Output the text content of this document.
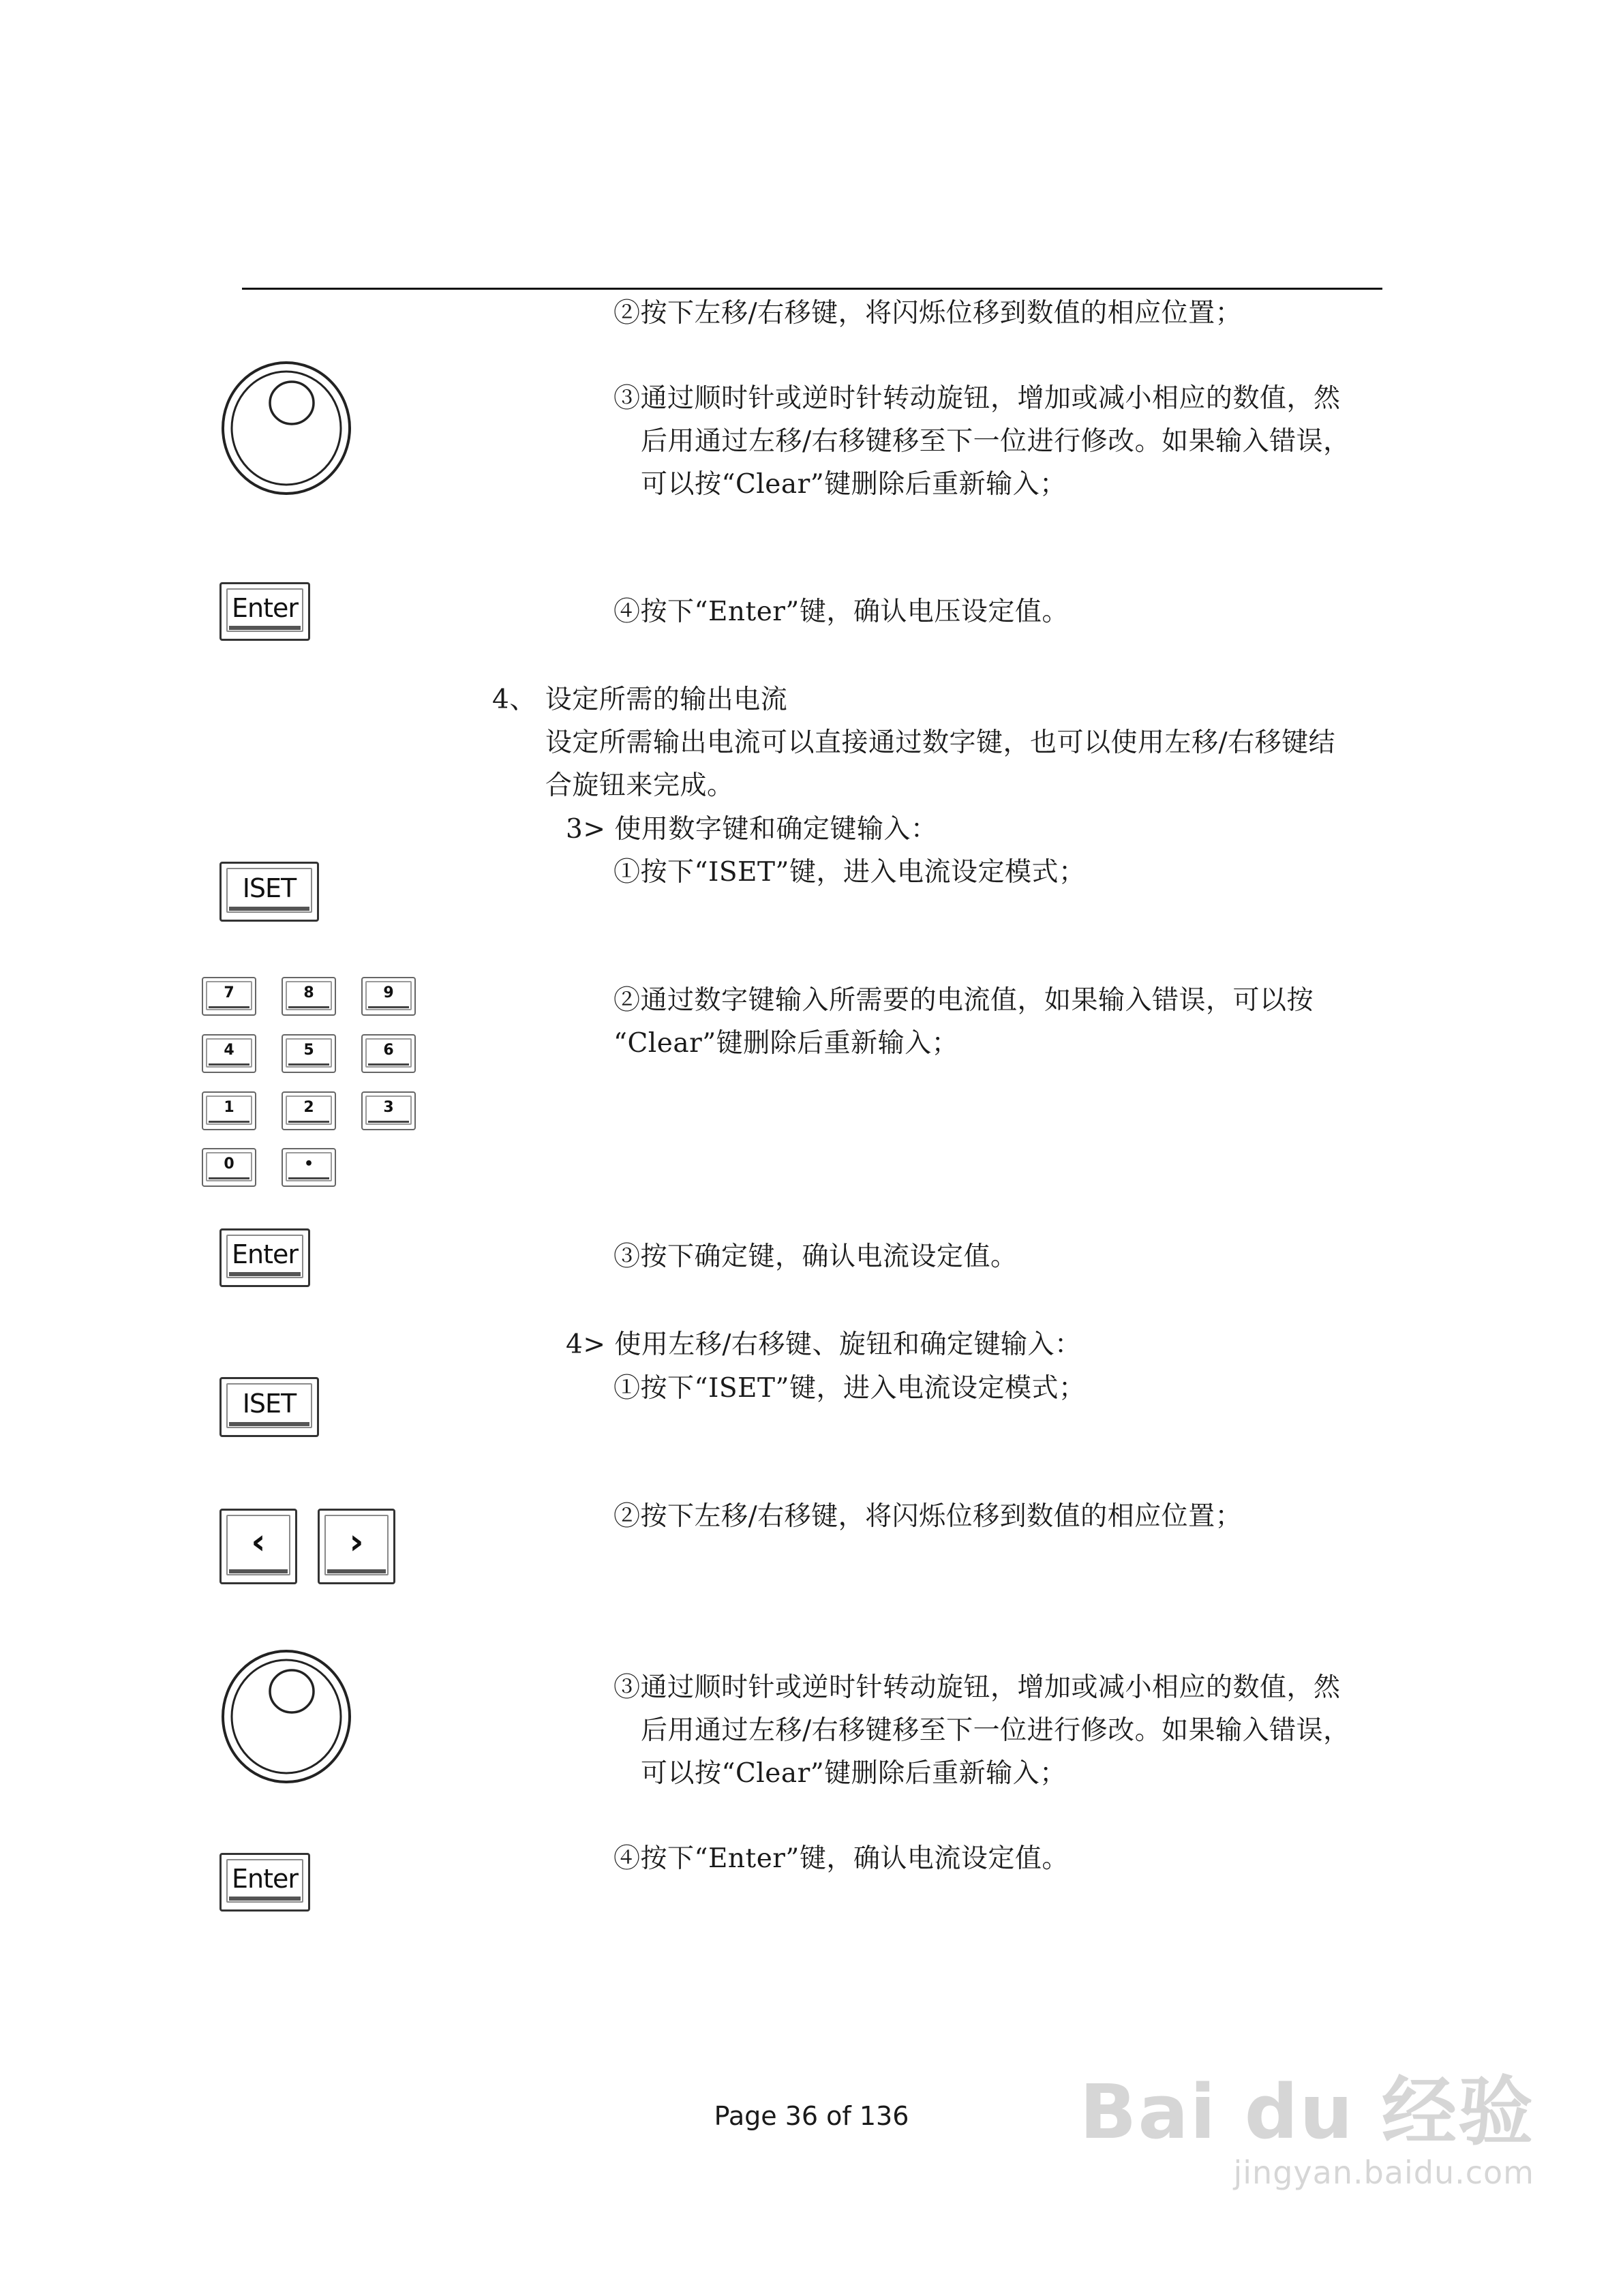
②按下左移/右移键，将闪烁位移到数值的相应位置；
③通过顺时针或逆时针转动旋钮，增加或减小相应的数值，然
后用通过左移/右移键移至下一位进行修改。如果输入错误，
可以按“Clear”键删除后重新输入；
④按下“Enter”键，确认电压设定值。
4、 设定所需的输出电流
设定所需输出电流可以直接通过数字键，也可以使用左移/右移键结
合旋钮来完成。
3> 使用数字键和确定键输入：
①按下“ISET”键，进入电流设定模式；
②通过数字键输入所需要的电流值，如果输入错误，可以按
“Clear”键删除后重新输入；
③按下确定键，确认电流设定值。
4> 使用左移/右移键、旋钮和确定键输入：
①按下“ISET”键，进入电流设定模式；
②按下左移/右移键，将闪烁位移到数值的相应位置；
③通过顺时针或逆时针转动旋钮，增加或减小相应的数值，然
后用通过左移/右移键移至下一位进行修改。如果输入错误，
可以按“Clear”键删除后重新输入；
④按下“Enter”键，确认电流设定值。
Enter
Enter
Enter
ISET
ISET
7	8	9
4	5	6
1	2	3
0	•
‹ ›
Page 36 of 136	Bai du 经验
jingyan.baidu.com
